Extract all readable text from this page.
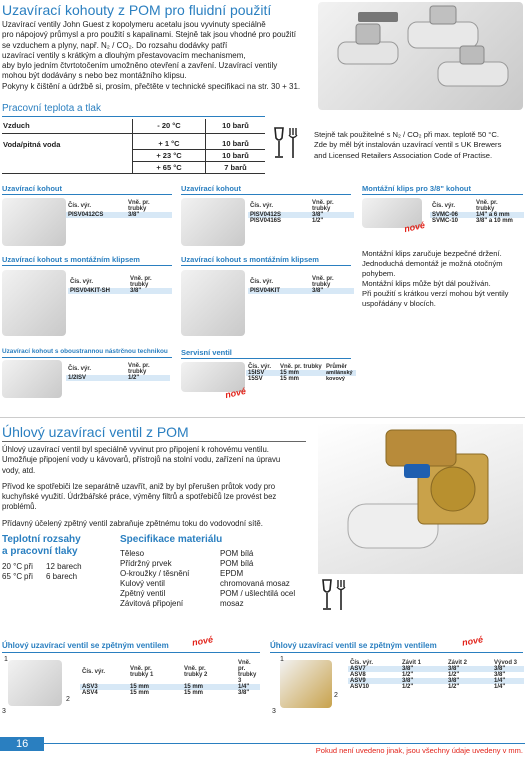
Uzavírací kohouty z POM pro fluidní použití
Uzavírací ventily John Guest z kopolymeru acetalu jsou vyvinuty speciálně
pro nápojový průmysl a pro použití s kapalinami. Stejně tak jsou vhodné pro použití
se vzduchem a plyny, např. N₂ / CO₂. Do rozsahu dodávky patří
uzavírací ventily s krátkým a dlouhým přestavovacím mechanismem,
aby bylo jedním čtvrtotočením umožněno otevření a zavření. Uzavírací ventily
mohou být dodávány s nebo bez montážního klipsu.
Pokyny k čištění a údržbě si, prosím, přečtěte v technické specifikaci na str. 30 + 31.
Pracovní teplota a tlak
Vzduch	- 20 °C	10 barů
Voda/pitná voda	+ 1 °C	10 barů
	+ 23 °C	10 barů
	+ 65 °C	7 barů
Stejně tak použitelné s N₂ / CO₂ při max. teplotě 50 °C.
Zde by měl být instalován uzavírací ventil s UK Brewers
and Licensed Retailers Association Code of Practise.
Uzavírací kohout
Čís. výr.	Vně. pr.
trubky
PISV0412CS	3/8"
Uzavírací kohout
Čís. výr.	Vně. pr.
trubky
PISV0412S	3/8"
PISV0416S	1/2"
Montážní klips pro 3/8" kohout
nové
Čís. výr.	Vně. pr.
trubky
SVMC-06	1/4" a 6 mm
SVMC-10	3/8" a 10 mm
Uzavírací kohout s montážním klipsem
Čís. výr.	Vně. pr.
trubky
PISV04KIT-SH	3/8"
Uzavírací kohout s montážním klipsem
Čís. výr.	Vně. pr.
trubky
PISV04KIT	3/8"
Montážní klips zaručuje bezpečné držení.
Jednoduchá demontáž je možná otočným
pohybem.
Montážní klips může být dál používán.
Při použití s krátkou verzí mohou být ventily
uspořádány v blocích.
Uzavírací kohout s oboustrannou nástrčnou technikou
Čís. výr.	Vně. pr.
trubky
1/2ISV	1/2"
Servisní ventil
nové
Čís. výr.	Vně. pr. trubky	Průměr
15ISV	15 mm	amilánský
15SV	15 mm	kovový
Úhlový uzavírací ventil z POM
Úhlový uzavírací ventil byl speciálně vyvinut pro připojení k rohovému ventilu.
Umožňuje připojení vody u kávovarů, přístrojů na stolní vodu, zařízení na úpravu
vody, atd.
Přívod ke spotřebiči lze separátně uzavřít, aniž by byl přerušen průtok vody pro
kuchyňské využití. Údržbářské práce, výměny filtrů a spotřebičů lze provést bez
problémů.
Přídavný účelený zpětný ventil zabraňuje zpětnému toku do vodovodní sítě.
Teplotní rozsahy
a pracovní tlaky
20 °C	při	12 barech
65 °C	při	6 barech
Specifikace materiálu
Těleso	POM bílá
Přídržný prvek	POM bílá
O-kroužky / těsnění	EPDM
Kulový ventil	chromovaná mosaz
Zpětný ventil	POM / ušlechtilá ocel
Závitová připojení	mosaz
Úhlový uzavírací ventil se zpětným ventilem	nové
1
2
3
Čís. výr.	Vně. pr.
trubky 1	Vně. pr.
trubky 2	Vně. pr.
trubky 3
ASV3	15 mm	15 mm	1/4"
ASV4	15 mm	15 mm	3/8"
Úhlový uzavírací ventil se zpětným ventilem	nové
1
2
3
Čís. výr.	Závit 1	Závit 2	Vývod 3
ASV7	3/8"	3/8"	3/8"
ASV8	1/2"	1/2"	3/8"
ASV9	3/8"	3/8"	1/4"
ASV10	1/2"	1/2"	1/4"
16
Pokud není uvedeno jinak, jsou všechny údaje uvedeny v mm.
